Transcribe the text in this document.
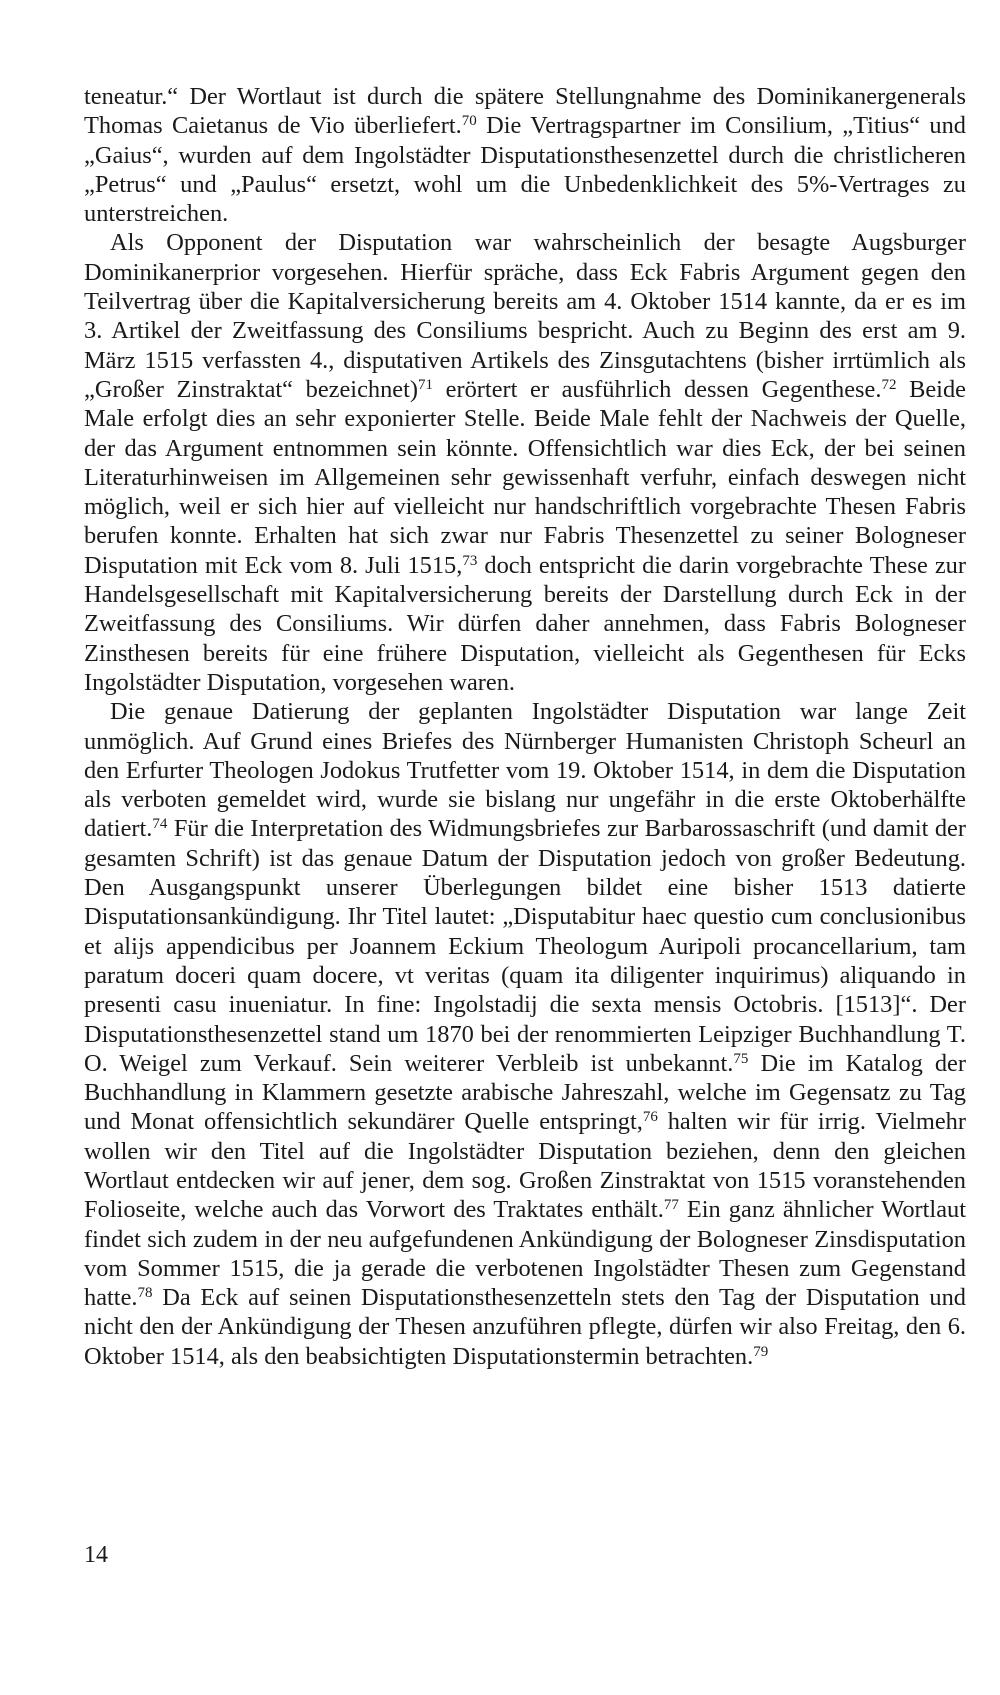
teneatur.“ Der Wortlaut ist durch die spätere Stellungnahme des Dominikanergenerals Thomas Caietanus de Vio überliefert.$^{70}$ Die Vertragspartner im Consilium, „Titius“ und „Gaius“, wurden auf dem Ingolstädter Disputationsthesenzettel durch die christlicheren „Petrus“ und „Paulus“ ersetzt, wohl um die Unbedenklichkeit des 5%-Vertrages zu unterstreichen.

Als Opponent der Disputation war wahrscheinlich der besagte Augsburger Dominikanerprior vorgesehen. Hierfür spräche, dass Eck Fabris Argument gegen den Teilvertrag über die Kapitalversicherung bereits am 4. Oktober 1514 kannte, da er es im 3. Artikel der Zweitfassung des Consiliums bespricht. Auch zu Beginn des erst am 9. März 1515 verfassten 4., disputativen Artikels des Zinsgutachtens (bisher irrtümlich als „Großer Zinstraktat“ bezeichnet)$^{71}$ erörtert er ausführlich dessen Gegenthese.$^{72}$ Beide Male erfolgt dies an sehr exponierter Stelle. Beide Male fehlt der Nachweis der Quelle, der das Argument entnommen sein könnte. Offensichtlich war dies Eck, der bei seinen Literaturhinweisen im Allgemeinen sehr gewissenhaft verfuhr, einfach deswegen nicht möglich, weil er sich hier auf vielleicht nur handschriftlich vorgebrachte Thesen Fabris berufen konnte. Erhalten hat sich zwar nur Fabris Thesenzettel zu seiner Bologneser Disputation mit Eck vom 8. Juli 1515,73 doch entspricht die darin vorgebrachte These zur Handelsgesellschaft mit Kapitalversicherung bereits der Darstellung durch Eck in der Zweitfassung des Consiliums. Wir dürfen daher annehmen, dass Fabris Bologneser Zinsthesen bereits für eine frühere Disputation, vielleicht als Gegenthesen für Ecks Ingolstädter Disputation, vorgesehen waren.

Die genaue Datierung der geplanten Ingolstädter Disputation war lange Zeit unmöglich. Auf Grund eines Briefes des Nürnberger Humanisten Christoph Scheurl an den Erfurter Theologen Jodokus Trutfetter vom 19. Oktober 1514, in dem die Disputation als verboten gemeldet wird, wurde sie bislang nur ungefähr in die erste Oktoberhälfte datiert.$^{74}$ Für die Interpretation des Widmungsbriefes zur Barbarossaschrift (und damit der gesamten Schrift) ist das genaue Datum der Disputation jedoch von großer Bedeutung. Den Ausgangspunkt unserer Überlegungen bildet eine bisher 1513 datierte Disputationsankündigung. Ihr Titel lautet: „Disputabitur haec questio cum conclusionibus et alijs appendicibus per Joannem Eckium Theologum Auripoli procancellarium, tam paratum doceri quam docere, vt veritas (quam ita diligenter inquirimus) aliquando in presenti casu inueniatur. In fine: Ingolstadij die sexta mensis Octobris. [1513]“. Der Disputationsthesenzettel stand um 1870 bei der renommierten Leipziger Buchhandlung T. O. Weigel zum Verkauf. Sein weiterer Verbleib ist unbekannt.$^{75}$ Die im Katalog der Buchhandlung in Klammern gesetzte arabische Jahreszahl, welche im Gegensatz zu Tag und Monat offensichtlich sekundärer Quelle entspringt,$^{76}$ halten wir für irrig. Vielmehr wollen wir den Titel auf die Ingolstädter Disputation beziehen, denn den gleichen Wortlaut entdecken wir auf jener, dem sog. Großen Zinstraktat von 1515 voranstehenden Folioseite, welche auch das Vorwort des Traktates enthält.$^{77}$ Ein ganz ähnlicher Wortlaut findet sich zudem in der neu aufgefundenen Ankündigung der Bologneser Zinsdisputation vom Sommer 1515, die ja gerade die verbotenen Ingolstädter Thesen zum Gegenstand hatte.$^{78}$ Da Eck auf seinen Disputationsthesenzetteln stets den Tag der Disputation und nicht den der Ankündigung der Thesen anzuführen pflegte, dürfen wir also Freitag, den 6. Oktober 1514, als den beabsichtigten Disputationstermin betrachten.$^{79}$

14
